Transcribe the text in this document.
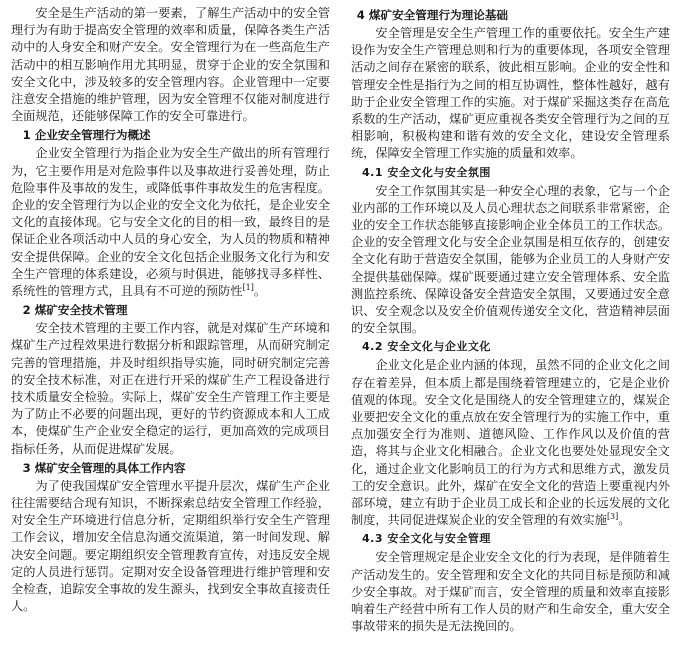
安全是生产活动的第一要素，了解生产活动中的安全管理行为有助于提高安全管理的效率和质量，保障各类生产活动中的人身安全和财产安全。安全管理行为在一些高危生产活动中的相互影响作用尤其明显，贯穿于企业的安全氛围和安全文化中，涉及较多的安全管理内容。企业管理中一定要注意安全措施的维护管理，因为安全管理不仅能对制度进行全面规范，还能够保障工作的安全可靠进行。

1 企业安全管理行为概述

企业安全管理行为指企业为安全生产做出的所有管理行为，它主要作用是对危险事件以及事故进行妥善处理，防止危险事件及事故的发生，或降低事件事故发生的危害程度。企业的安全管理行为以企业的安全文化为依托，是企业安全文化的直接体现。它与安全文化的目的相一致，最终目的是保证企业各项活动中人员的身心安全，为人员的物质和精神安全提供保障。企业的安全文化包括企业服务文化行为和安全生产管理的体系建设，必须与时俱进，能够找寻多样性、系统性的管理方式，且具有不可逆的预防性[1]。

2 煤矿安全技术管理

安全技术管理的主要工作内容，就是对煤矿生产环境和煤矿生产过程效果进行数据分析和跟踪管理，从而研究制定完善的管理措施，并及时组织指导实施，同时研究制定完善的安全技术标准，对正在进行开采的煤矿生产工程设备进行技术质量安全检验。实际上，煤矿安全生产管理工作主要是为了防止不必要的问题出现，更好的节约资源成本和人工成本，使煤矿生产企业安全稳定的运行，更加高效的完成项目指标任务，从而促进煤矿发展。

3 煤矿安全管理的具体工作内容

为了使我国煤矿安全管理水平提升层次，煤矿生产企业往往需要结合现有知识，不断探索总结安全管理工作经验，对安全生产环境进行信息分析，定期组织举行安全生产管理工作会议，增加安全信息沟通交流渠道，第一时间发现、解决安全问题。要定期组织安全管理教育宣传，对违反安全规定的人员进行惩罚。定期对安全设备管理进行维护管理和安全检查，追踪安全事故的发生源头，找到安全事故直接责任人。

4 煤矿安全管理行为理论基础

安全管理是安全生产管理工作的重要依托。安全生产建设作为安全生产管理总则和行为的重要体现，各项安全管理活动之间存在紧密的联系，彼此相互影响。企业的安全性和管理安全性是指行为之间的相互协调性，整体性越好，越有助于企业安全管理工作的实施。对于煤矿采掘这类存在高危系数的生产活动，煤矿更应重视各类安全管理行为之间的互相影响，积极构建和谐有效的安全文化，建设安全管理系统，保障安全管理工作实施的质量和效率。

4.1 安全文化与安全氛围

安全工作氛围其实是一种安全心理的表象，它与一个企业内部的工作环境以及人员心理状态之间联系非常紧密，企业的安全工作状态能够直接影响企业全体员工的工作状态。企业的安全管理文化与安全企业氛围是相互依存的，创建安全文化有助于营造安全氛围，能够为企业员工的人身财产安全提供基础保障。煤矿既要通过建立安全管理体系、安全监测监控系统、保障设备安全营造安全氛围，又要通过安全意识、安全观念以及安全价值观传递安全文化，营造精神层面的安全氛围。

4.2 安全文化与企业文化

企业文化是企业内涵的体现，虽然不同的企业文化之间存在着差异，但本质上都是围绕着管理建立的，它是企业价值观的体现。安全文化是围绕人的安全管理建立的，煤炭企业要把安全文化的重点放在安全管理行为的实施工作中，重点加强安全行为准则、道德风险、工作作风以及价值的营造，将其与企业文化相融合。企业文化也要处处显现安全文化，通过企业文化影响员工的行为方式和思维方式，激发员工的安全意识。此外，煤矿在安全文化的营造上要重视内外部环境，建立有助于企业员工成长和企业的长远发展的文化制度，共同促进煤炭企业的安全管理的有效实施[3]。

4.3 安全文化与安全管理

安全管理规定是企业安全文化的行为表现，是伴随着生产活动发生的。安全管理和安全文化的共同目标是预防和减少安全事故。对于煤矿而言，安全管理的质量和效率直接影响着生产经营中所有工作人员的财产和生命安全，重大安全事故带来的损失是无法挽回的。
